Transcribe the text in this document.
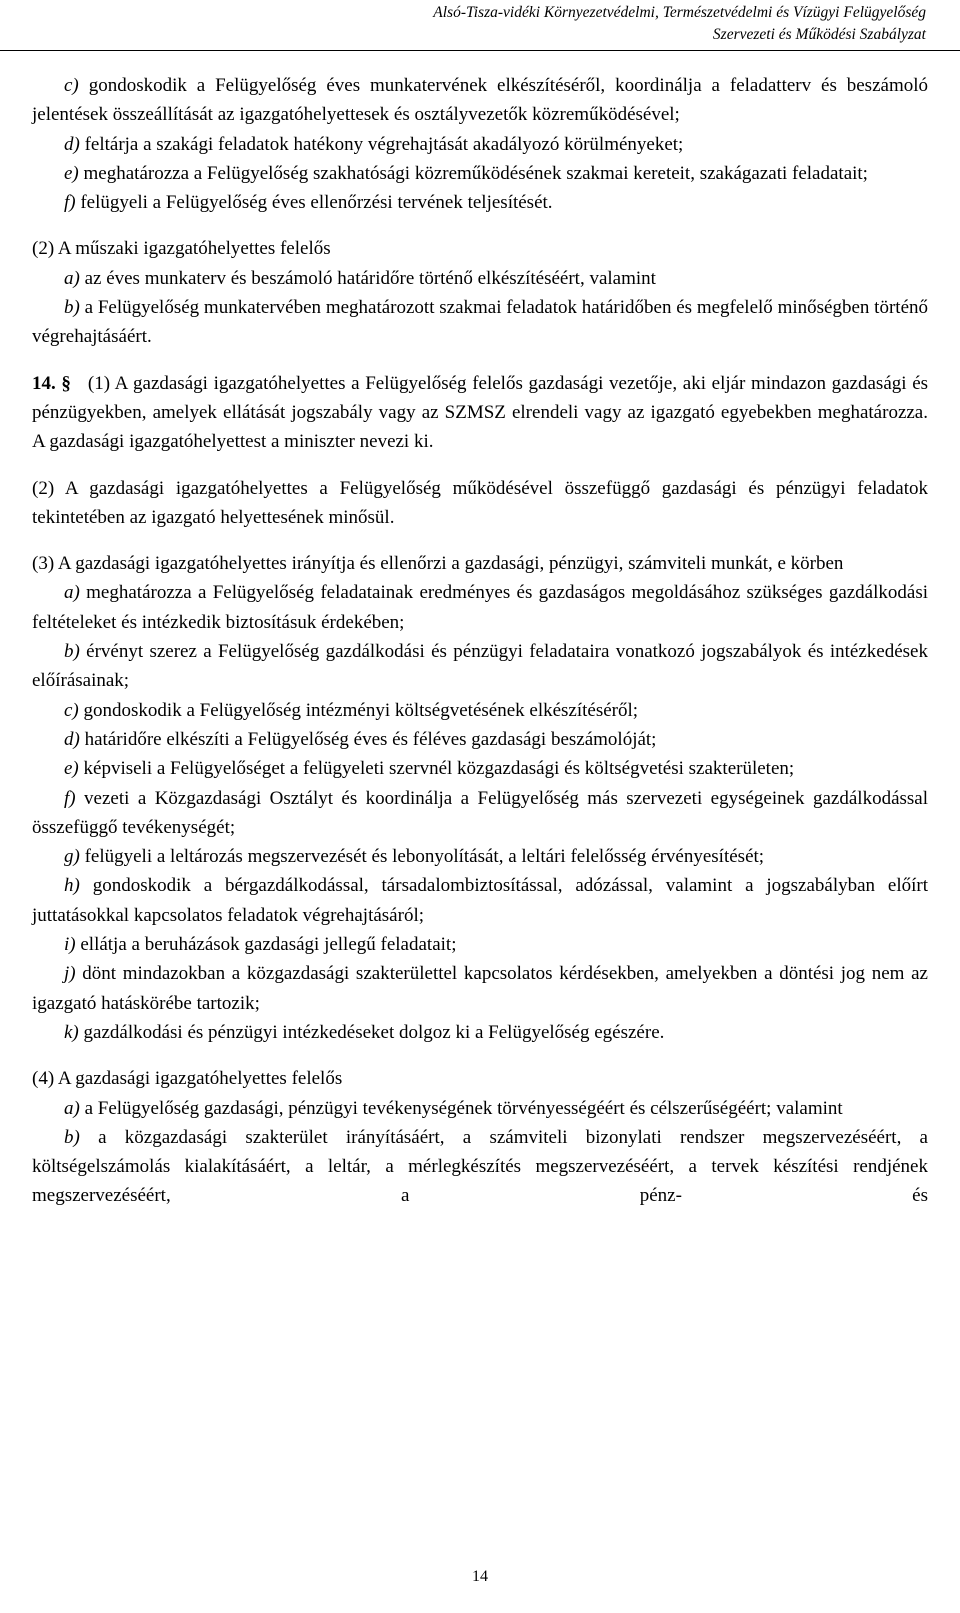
Alsó-Tisza-vidéki Környezetvédelmi, Természetvédelmi és Vízügyi Felügyelőség
Szervezeti és Működési Szabályzat

c) gondoskodik a Felügyelőség éves munkatervének elkészítéséről, koordinálja a feladatterv és beszámoló jelentések összeállítását az igazgatóhelyettesek és osztályvezetők közreműködésével;

d) feltárja a szakági feladatok hatékony végrehajtását akadályozó körülményeket;

e) meghatározza a Felügyelőség szakhatósági közreműködésének szakmai kereteit, szakágazati feladatait;

f) felügyeli a Felügyelőség éves ellenőrzési tervének teljesítését.

(2) A műszaki igazgatóhelyettes felelős

a) az éves munkaterv és beszámoló határidőre történő elkészítéséért, valamint

b) a Felügyelőség munkatervében meghatározott szakmai feladatok határidőben és megfelelő minőségben történő végrehajtásáért.

14. § (1) A gazdasági igazgatóhelyettes a Felügyelőség felelős gazdasági vezetője, aki eljár mindazon gazdasági és pénzügyekben, amelyek ellátását jogszabály vagy az SZMSZ elrendeli vagy az igazgató egyebekben meghatározza. A gazdasági igazgatóhelyettest a miniszter nevezi ki.

(2) A gazdasági igazgatóhelyettes a Felügyelőség működésével összefüggő gazdasági és pénzügyi feladatok tekintetében az igazgató helyettesének minősül.

(3) A gazdasági igazgatóhelyettes irányítja és ellenőrzi a gazdasági, pénzügyi, számviteli munkát, e körben

a) meghatározza a Felügyelőség feladatainak eredményes és gazdaságos megoldásához szükséges gazdálkodási feltételeket és intézkedik biztosításuk érdekében;

b) érvényt szerez a Felügyelőség gazdálkodási és pénzügyi feladataira vonatkozó jogszabályok és intézkedések előírásainak;

c) gondoskodik a Felügyelőség intézményi költségvetésének elkészítéséről;

d) határidőre elkészíti a Felügyelőség éves és féléves gazdasági beszámolóját;

e) képviseli a Felügyelőséget a felügyeleti szervnél közgazdasági és költségvetési szakterületen;

f) vezeti a Közgazdasági Osztályt és koordinálja a Felügyelőség más szervezeti egységeinek gazdálkodással összefüggő tevékenységét;

g) felügyeli a leltározás megszervezését és lebonyolítását, a leltári felelősség érvényesítését;

h) gondoskodik a bérgazdálkodással, társadalombiztosítással, adózással, valamint a jogszabályban előírt juttatásokkal kapcsolatos feladatok végrehajtásáról;

i) ellátja a beruházások gazdasági jellegű feladatait;

j) dönt mindazokban a közgazdasági szakterülettel kapcsolatos kérdésekben, amelyekben a döntési jog nem az igazgató hatáskörébe tartozik;

k) gazdálkodási és pénzügyi intézkedéseket dolgoz ki a Felügyelőség egészére.

(4) A gazdasági igazgatóhelyettes felelős

a) a Felügyelőség gazdasági, pénzügyi tevékenységének törvényességéért és célszerűségéért; valamint

b) a közgazdasági szakterület irányításáért, a számviteli bizonylati rendszer megszervezéséért, a költségelszámolás kialakításáért, a leltár, a mérlegkészítés megszervezéséért, a tervek készítési rendjének megszervezéséért, a pénz- és

14
